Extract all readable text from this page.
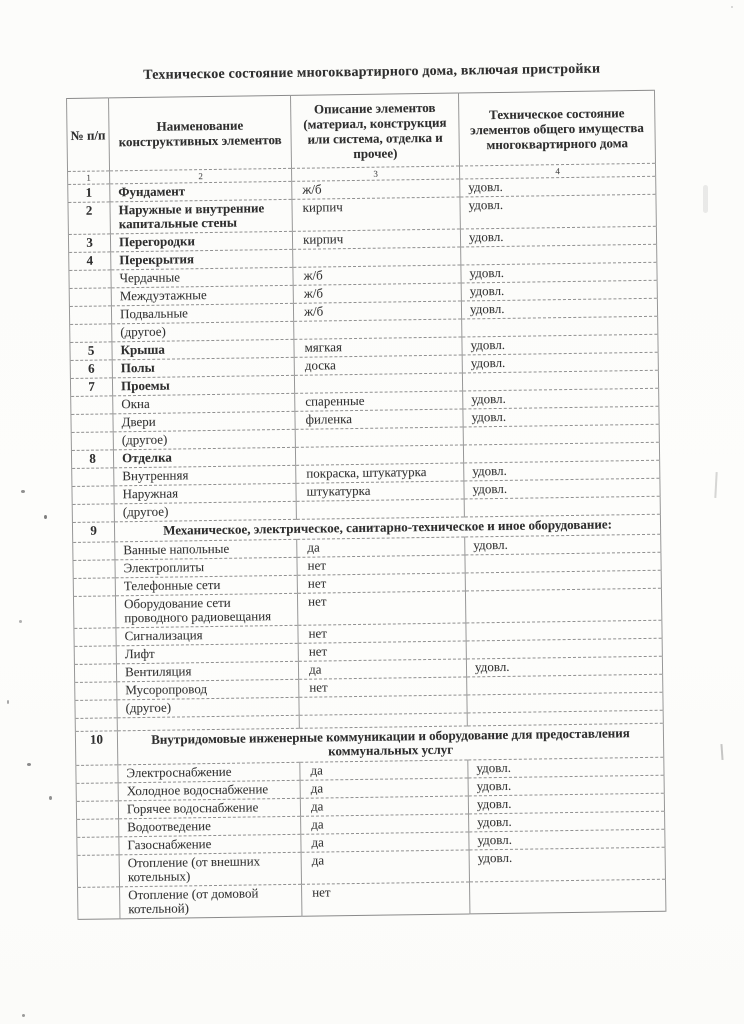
Техническое состояние многоквартирного дома, включая пристройки
№ п/п	Наименование конструктивных элементов	Описание элементов (материал, конструкция или система, отделка и прочее)	Техническое состояние элементов общего имущества многоквартирного дома
1	2	3	4
1	Фундамент	ж/б	удовл.
2	Наружные и внутренние капитальные стены	кирпич	удовл.
3	Перегородки	кирпич	удовл.
4	Перекрытия		
	Чердачные	ж/б	удовл.
	Междуэтажные	ж/б	удовл.
	Подвальные	ж/б	удовл.
	(другое)		
5	Крыша	мягкая	удовл.
6	Полы	доска	удовл.
7	Проемы		
	Окна	спаренные	удовл.
	Двери	филенка	удовл.
	(другое)		
8	Отделка		
	Внутренняя	покраска, штукатурка	удовл.
	Наружная	штукатурка	удовл.
	(другое)		
9	Механическое, электрическое, санитарно-техническое и иное оборудование:		
	Ванные напольные	да	удовл.
	Электроплиты	нет	
	Телефонные сети	нет	
	Оборудование сети проводного радиовещания	нет	
	Сигнализация	нет	
	Лифт	нет	
	Вентиляция	да	удовл.
	Мусоропровод	нет	
	(другое)		

10	Внутридомовые инженерные коммуникации и оборудование для предоставления коммунальных услуг		
	Электроснабжение	да	удовл.
	Холодное водоснабжение	да	удовл.
	Горячее водоснабжение	да	удовл.
	Водоотведение	да	удовл.
	Газоснабжение	да	удовл.
	Отопление (от внешних котельных)	да	удовл.
	Отопление (от домовой котельной)	нет	
